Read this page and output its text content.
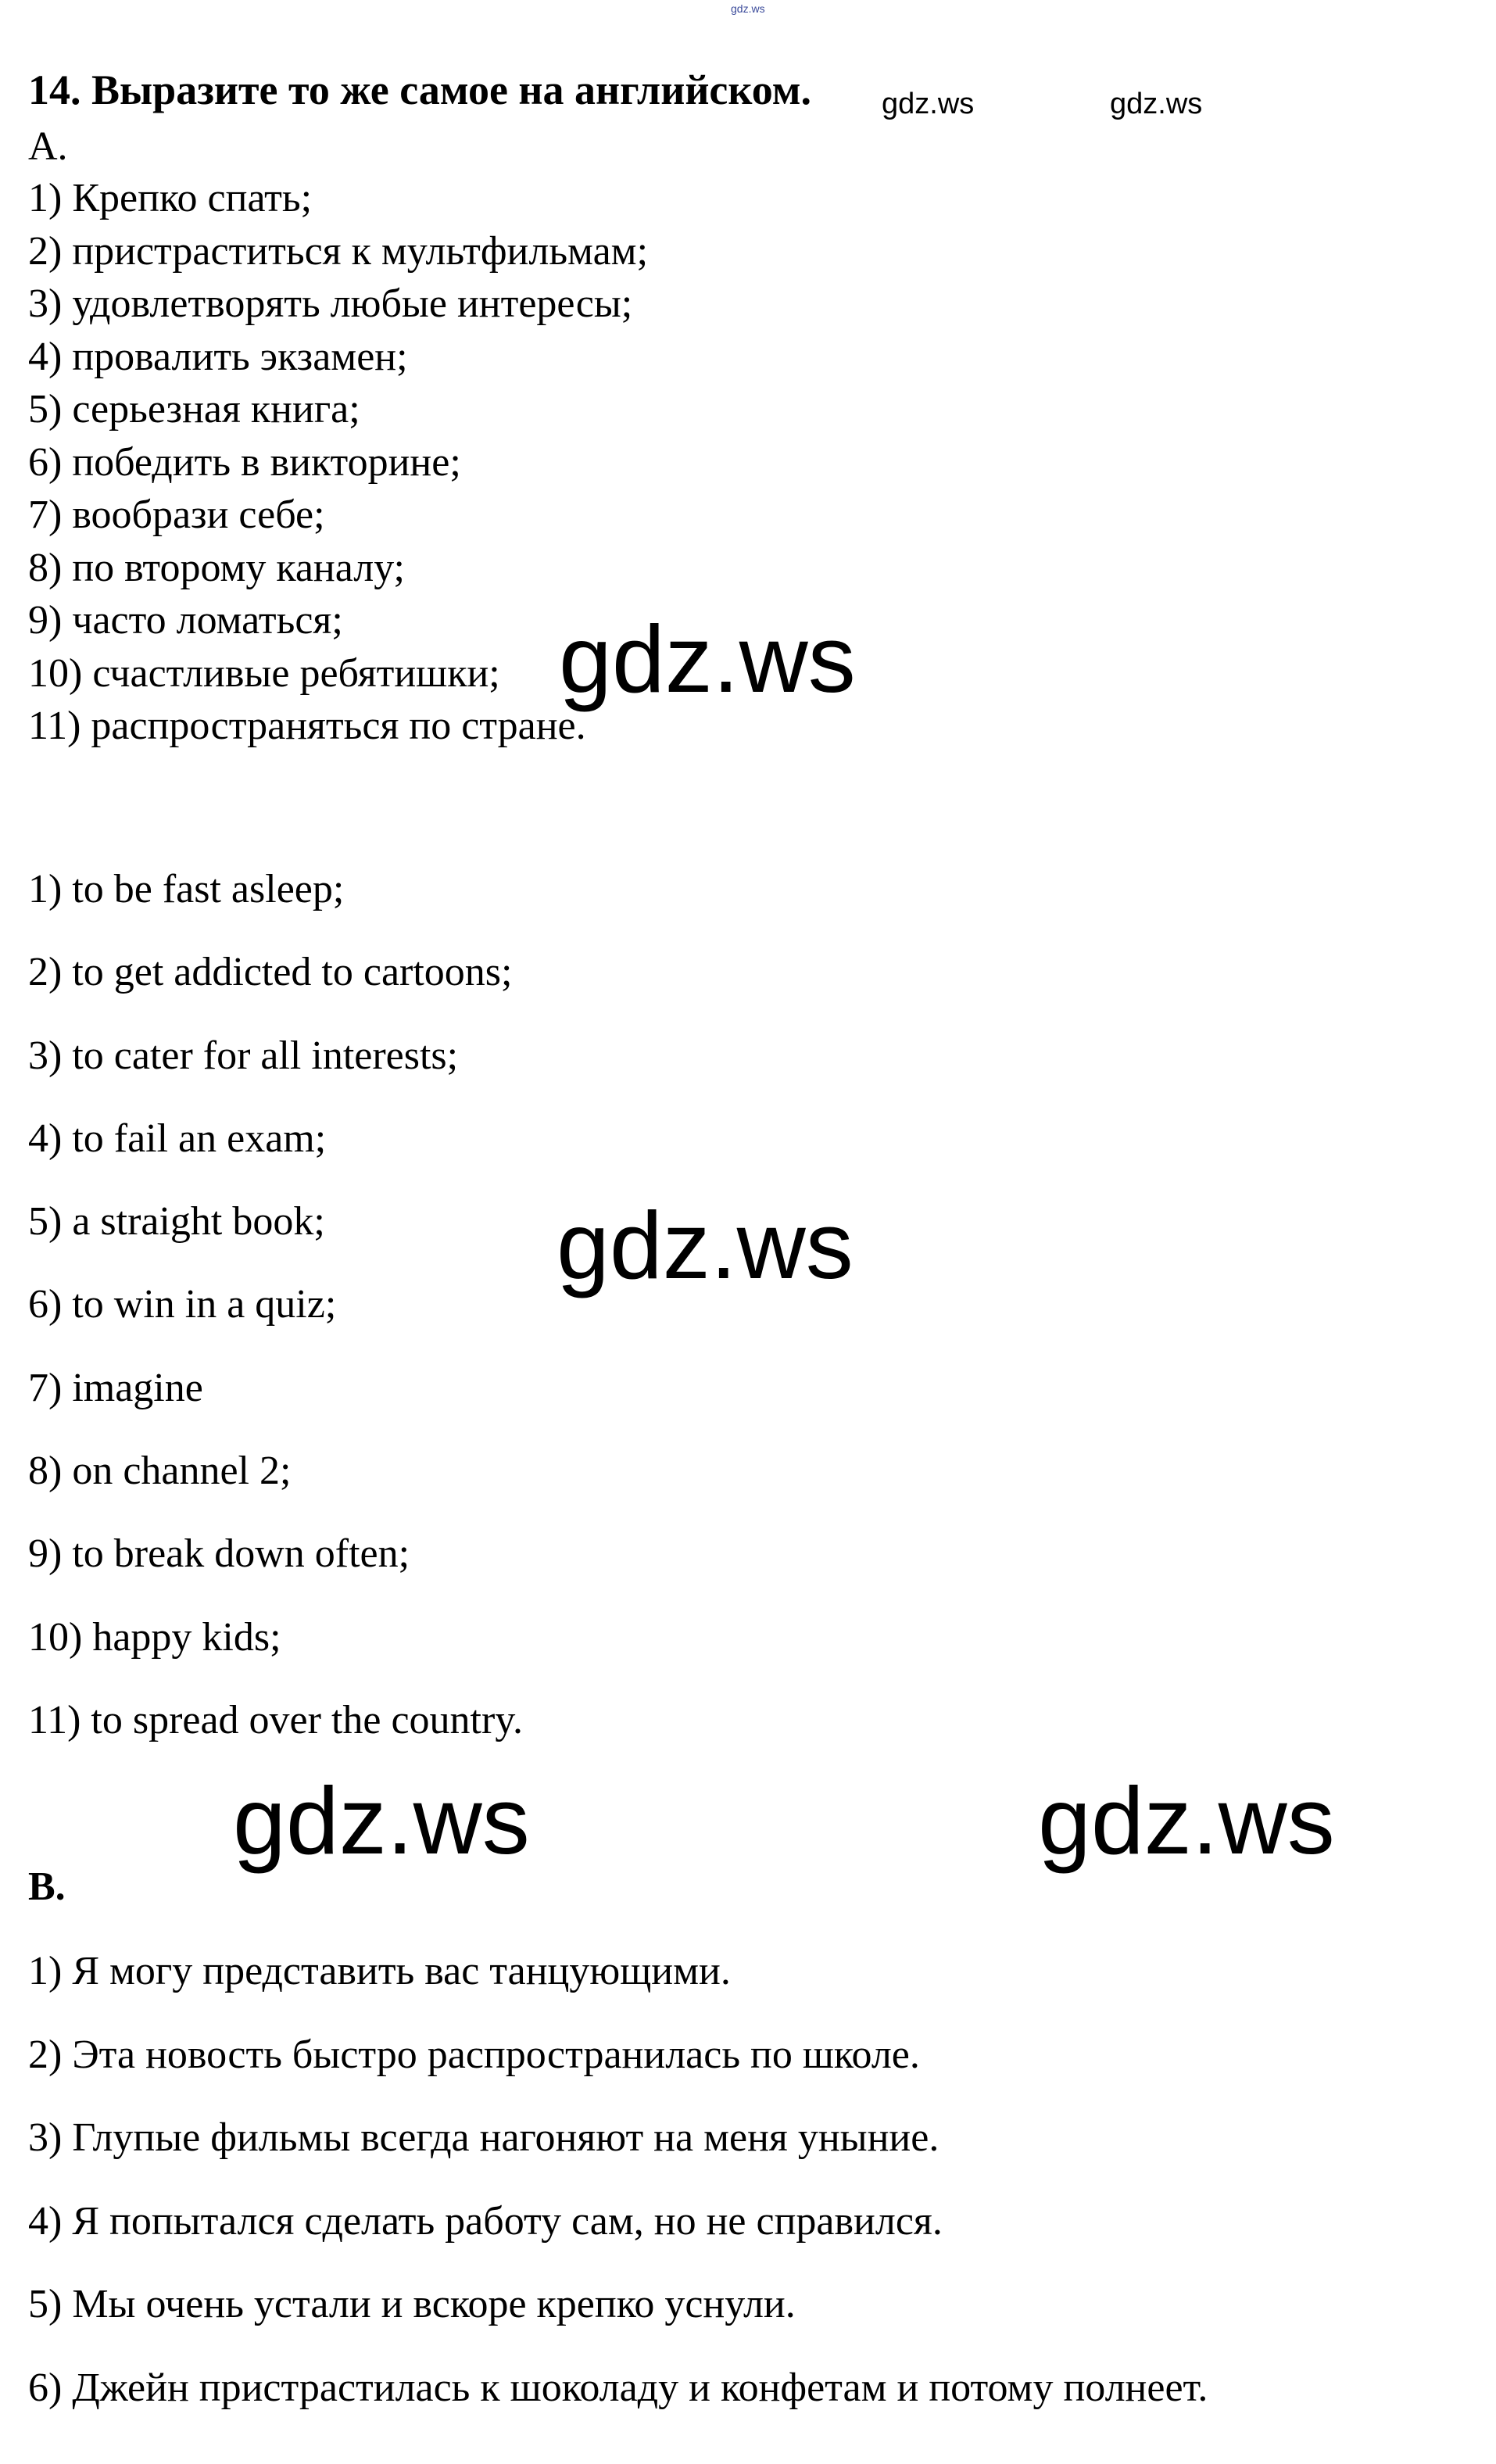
gdz.ws
14. Выразите то же самое на английском. gdz.ws	gdz.ws
А.
1) Крепко спать;
2) пристраститься к мультфильмам;
3) удовлетворять любые интересы;
4) провалить экзамен;
5) серьезная книга;
6) победить в викторине;
7) вообрази себе;
8) по второму каналу;
9) часто ломаться;
10) счастливые ребятишки;
11) распространяться по стране.
gdz.ws
1) to be fast asleep;
2) to get addicted to cartoons;
3) to cater for all interests;
4) to fail an exam;
5) a straight book;
6) to win in a quiz;
7) imagine
8) on channel 2;
9) to break down often;
10) happy kids;
11) to spread over the country.
gdz.ws
gdz.ws	gdz.ws
B.
1) Я могу представить вас танцующими.
2) Эта новость быстро распространилась по школе.
3) Глупые фильмы всегда нагоняют на меня уныние.
4) Я попытался сделать работу сам, но не справился.
5) Мы очень устали и вскоре крепко уснули.
6) Джейн пристрастилась к шоколаду и конфетам и потому полнеет.
